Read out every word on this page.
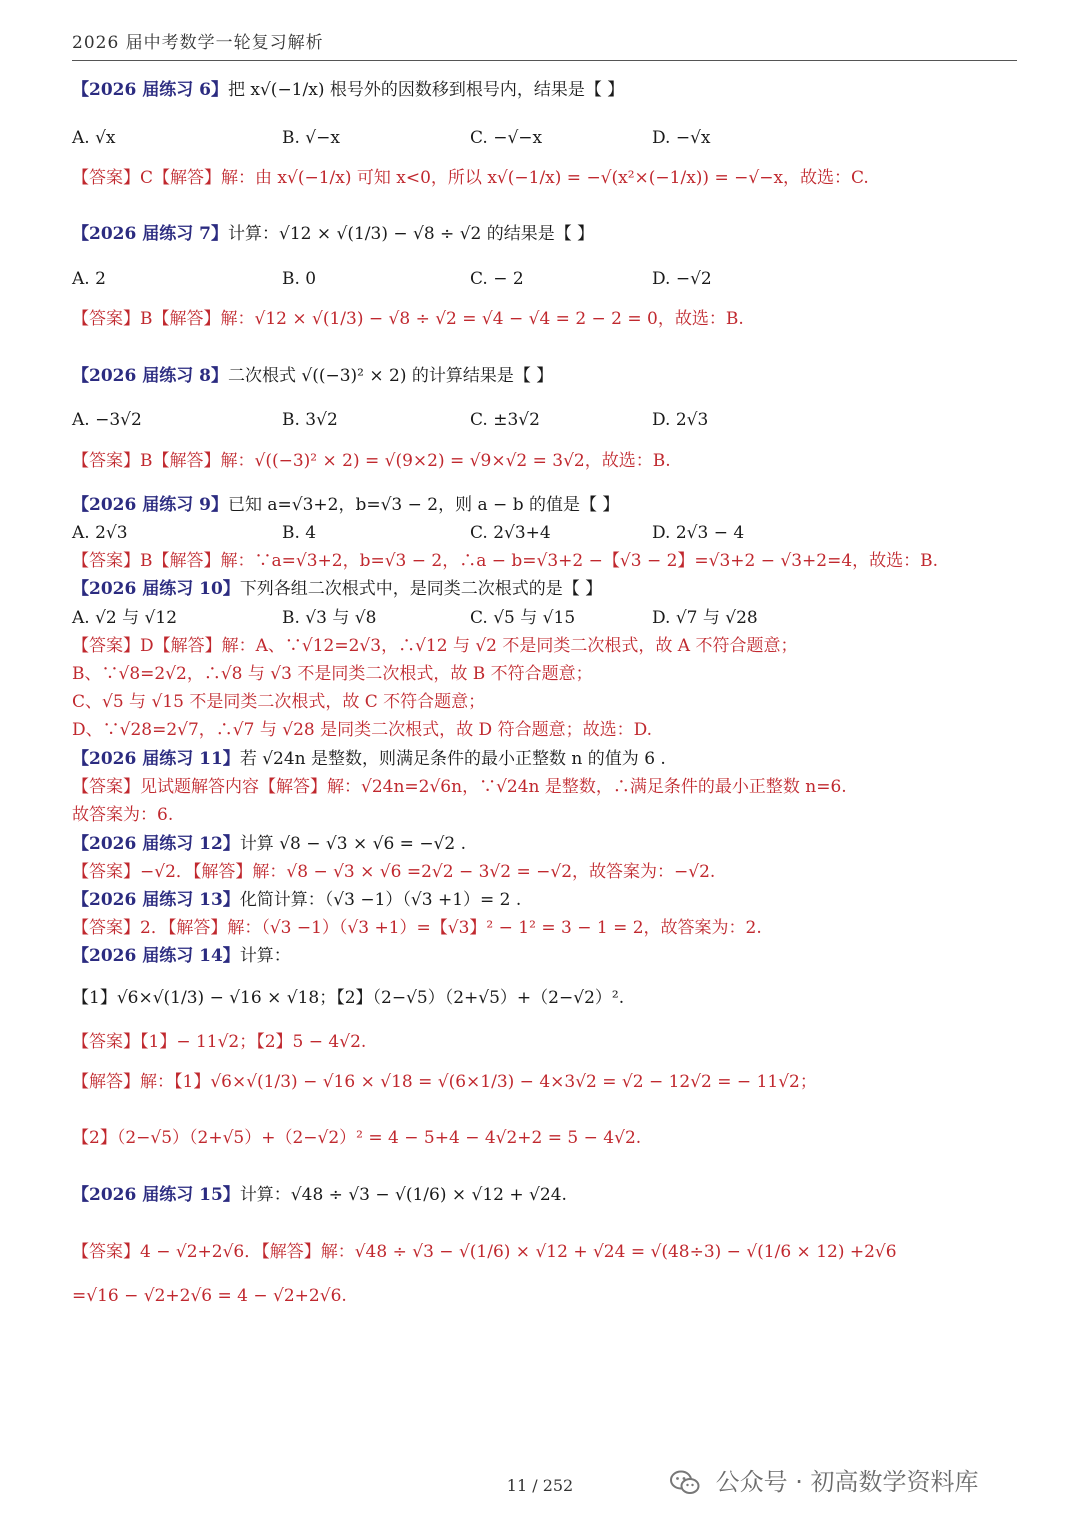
2026 届中考数学一轮复习解析
【2026 届练习 6】把 x√(−1/x) 根号外的因数移到根号内，结果是【 】
【答案】C【解答】解：由 x√(−1/x) 可知 x<0，所以 x√(−1/x) = −√(x²×(−1/x)) = −√−x，故选：C.
【2026 届练习 7】计算：√12 × √(1/3) − √8 ÷ √2 的结果是【 】
【答案】B【解答】解：√12 × √(1/3) − √8 ÷ √2 = √4 − √4 = 2 − 2 = 0，故选：B.
【2026 届练习 8】二次根式 √((−3)² × 2) 的计算结果是【 】
【答案】B【解答】解：√((−3)² × 2) = √(9×2) = √9×√2 = 3√2，故选：B.
【2026 届练习 9】已知 a=√3+2，b=√3 − 2，则 a − b 的值是【 】
【答案】B【解答】解：∵a=√3+2，b=√3 − 2，∴a − b=√3+2 −【√3 − 2】=√3+2 − √3+2=4，故选：B.
【2026 届练习 10】下列各组二次根式中，是同类二次根式的是【 】
【答案】D【解答】解：A、∵√12=2√3，∴√12 与 √2 不是同类二次根式，故 A 不符合题意；
B、∵√8=2√2，∴√8 与 √3 不是同类二次根式，故 B 不符合题意；
C、√5 与 √15 不是同类二次根式，故 C 不符合题意；
D、∵√28=2√7，∴√7 与 √28 是同类二次根式，故 D 符合题意；故选：D.
【2026 届练习 11】若 √24n 是整数，则满足条件的最小正整数 n 的值为 6 .
【答案】见试题解答内容【解答】解：√24n=2√6n，∵√24n 是整数，∴满足条件的最小正整数 n=6.
故答案为：6.
【2026 届练习 12】计算 √8 − √3 × √6 = −√2 .
【答案】−√2．【解答】解：√8 − √3 × √6 =2√2 − 3√2 = −√2，故答案为：−√2.
【2026 届练习 13】化简计算：（√3 −1）（√3 +1）= 2 .
【答案】2．【解答】解：（√3 −1）（√3 +1）=【√3】² − 1² = 3 − 1 = 2，故答案为：2.
【2026 届练习 14】计算：
【1】√6×√(1/3) − √16 × √18；【2】（2−√5）（2+√5）+（2−√2）².
【答案】【1】− 11√2；【2】5 − 4√2.
【解答】解：【1】√6×√(1/3) − √16 × √18 = √(6×1/3) − 4×3√2 = √2 − 12√2 = − 11√2；
【2】（2−√5）（2+√5）+（2−√2）² = 4 − 5+4 − 4√2+2 = 5 − 4√2.
【2026 届练习 15】计算：√48 ÷ √3 − √(1/6) × √12 + √24.
【答案】4 − √2+2√6．【解答】解：√48 ÷ √3 − √(1/6) × √12 + √24 = √(48÷3) − √(1/6 × 12) +2√6
=√16 − √2+2√6 = 4 − √2+2√6.
A. √x	B. √−x	C. −√−x	D. −√x
A. 2	B. 0	C. − 2	D. −√2
A. −3√2	B. 3√2	C. ±3√2	D. 2√3
A. 2√3	B. 4	C. 2√3+4	D. 2√3 − 4
A. √2 与 √12	B. √3 与 √8	C. √5 与 √15	D. √7 与 √28
11 / 252	公众号 · 初高数学资料库
